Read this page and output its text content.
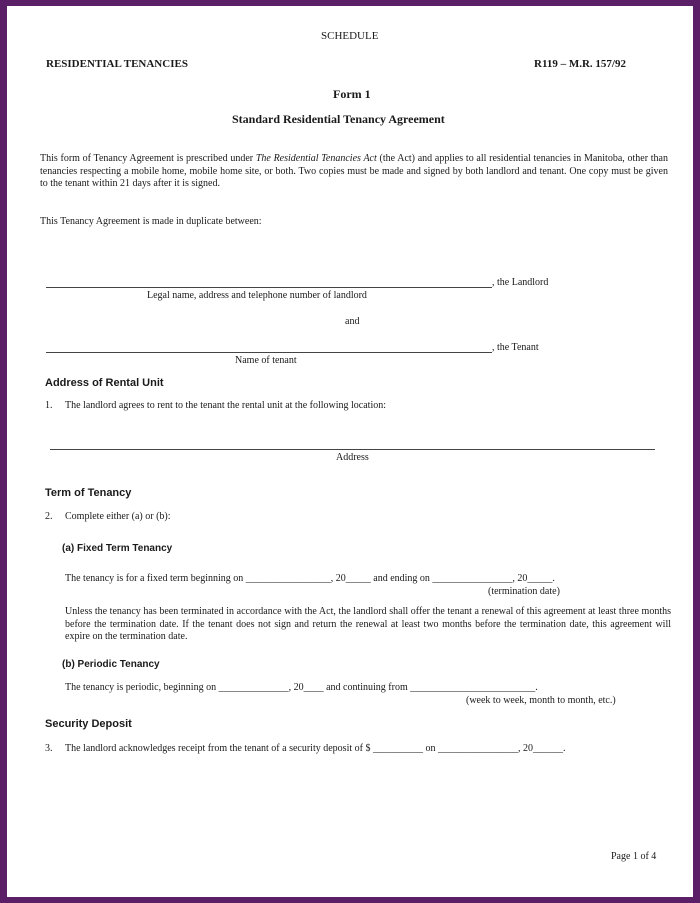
SCHEDULE
RESIDENTIAL TENANCIES	R119 – M.R. 157/92
Form 1
Standard Residential Tenancy Agreement
This form of Tenancy Agreement is prescribed under The Residential Tenancies Act (the Act) and applies to all residential tenancies in Manitoba, other than tenancies respecting a mobile home, mobile home site, or both. Two copies must be made and signed by both landlord and tenant. One copy must be given to the tenant within 21 days after it is signed.
This Tenancy Agreement is made in duplicate between:
, the Landlord
Legal name, address and telephone number of landlord
and
, the Tenant
Name of tenant
Address of Rental Unit
1. The landlord agrees to rent to the tenant the rental unit at the following location:
Address
Term of Tenancy
2. Complete either (a) or (b):
(a) Fixed Term Tenancy
The tenancy is for a fixed term beginning on _________________, 20_____ and ending on ________________, 20_____.
(termination date)
Unless the tenancy has been terminated in accordance with the Act, the landlord shall offer the tenant a renewal of this agreement at least three months before the termination date. If the tenant does not sign and return the renewal at least two months before the termination date, this agreement will expire on the termination date.
(b) Periodic Tenancy
The tenancy is periodic, beginning on ______________, 20____ and continuing from _________________________.
(week to week, month to month, etc.)
Security Deposit
3. The landlord acknowledges receipt from the tenant of a security deposit of $ __________ on ________________, 20______.
Page 1 of 4
